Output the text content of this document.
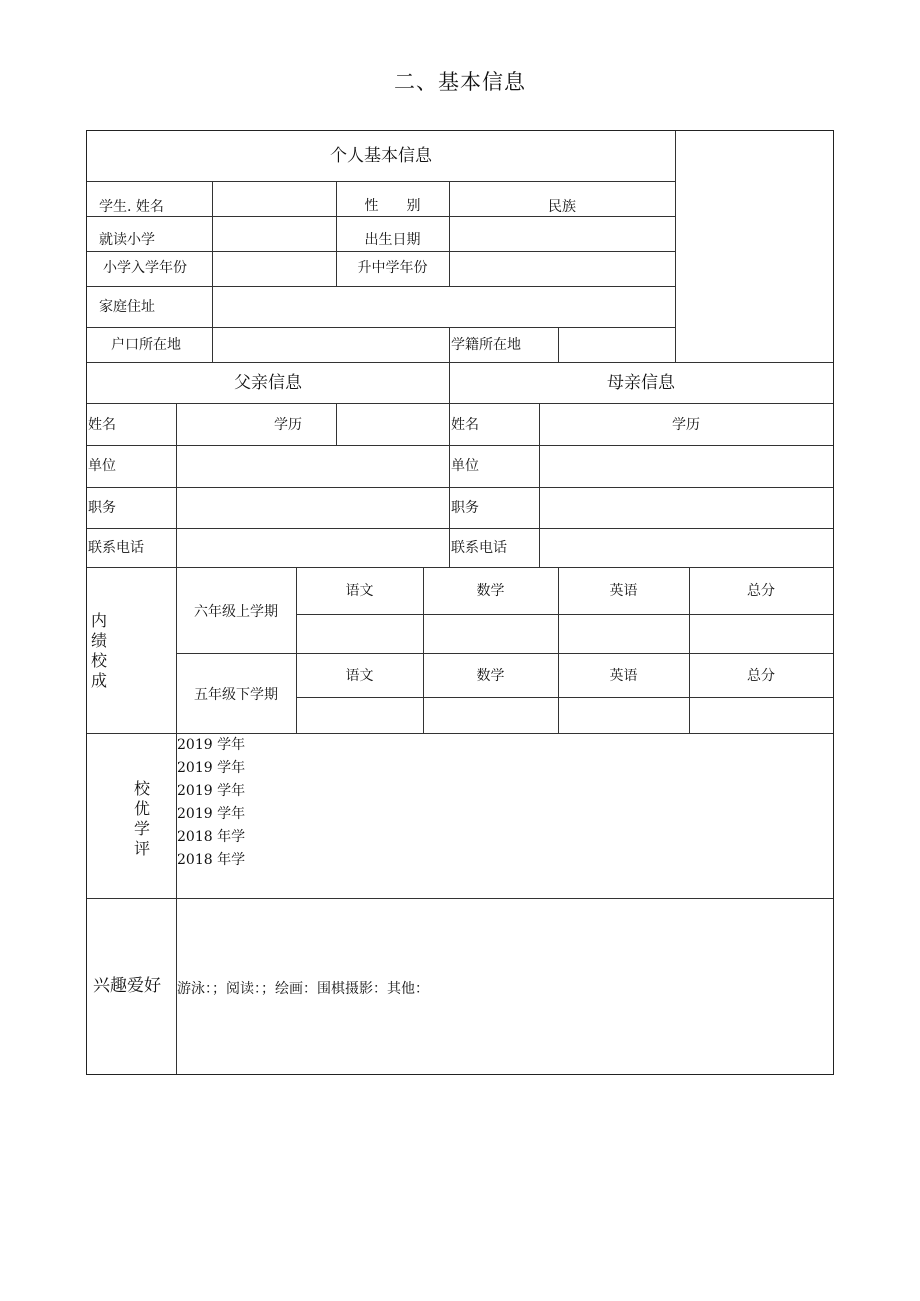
二、基本信息
个人基本信息
学生. 姓名	性　　别	民族
就读小学	出生日期
小学入学年份	升中学年份
家庭住址
户口所在地	学籍所在地
父亲信息	母亲信息
姓名	学历	姓名	学历
单位	单位
职务	职务
联系电话	联系电话
内绩校成
六年级上学期
语文	数学	英语	总分
五年级下学期
语文	数学	英语	总分
校优学评
2019 学年
2019 学年
2019 学年
2019 学年
2018 年学
2018 年学
兴趣爱好 游泳：；阅读：；绘画：围棋摄影：其他：
